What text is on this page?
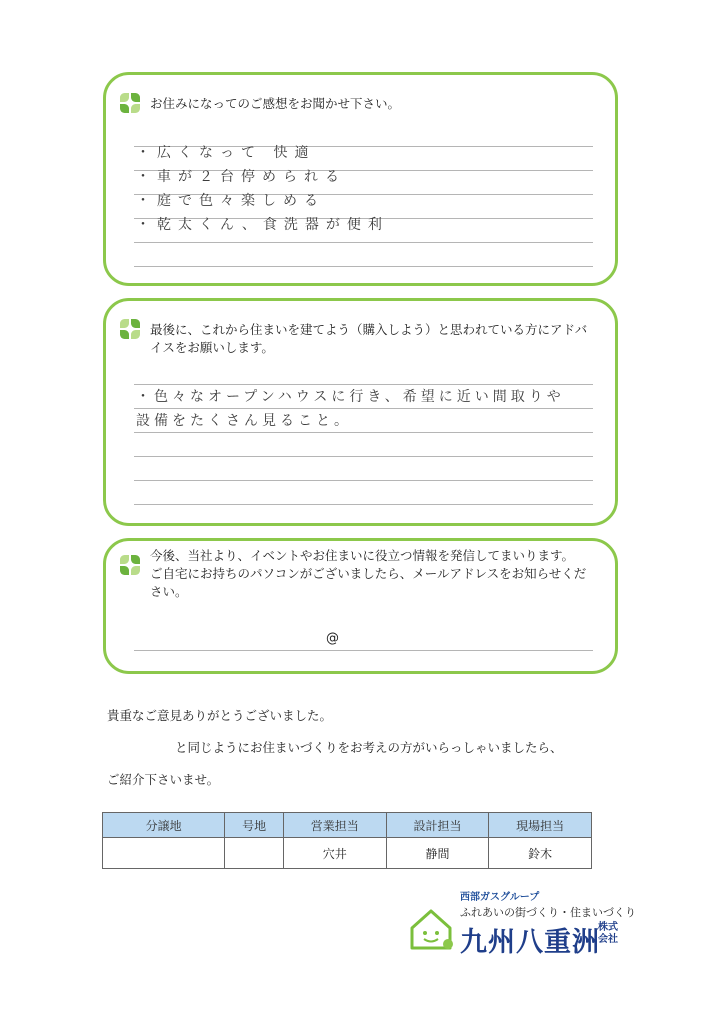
お住みになってのご感想をお聞かせ下さい。
・広くなって 快適
・車が２台停められる
・庭で色々楽しめる
・乾太くん、食洗器が便利
最後に、これから住まいを建てよう（購入しよう）と思われている方にアドバイスをお願いします。
・色々なオープンハウスに行き、希望に近い間取りや
設備をたくさん見ること。
今後、当社より、イベントやお住まいに役立つ情報を発信してまいります。
ご自宅にお持ちのパソコンがございましたら、メールアドレスをお知らせください。
@
貴重なご意見ありがとうございました。
と同じようにお住まいづくりをお考えの方がいらっしゃいましたら、
ご紹介下さいませ。
分譲地	号地	営業担当	設計担当	現場担当
		穴井	静間	鈴木
西部ガスグループ
ふれあいの街づくり・住まいづくり
九州八重洲
株式
会社
